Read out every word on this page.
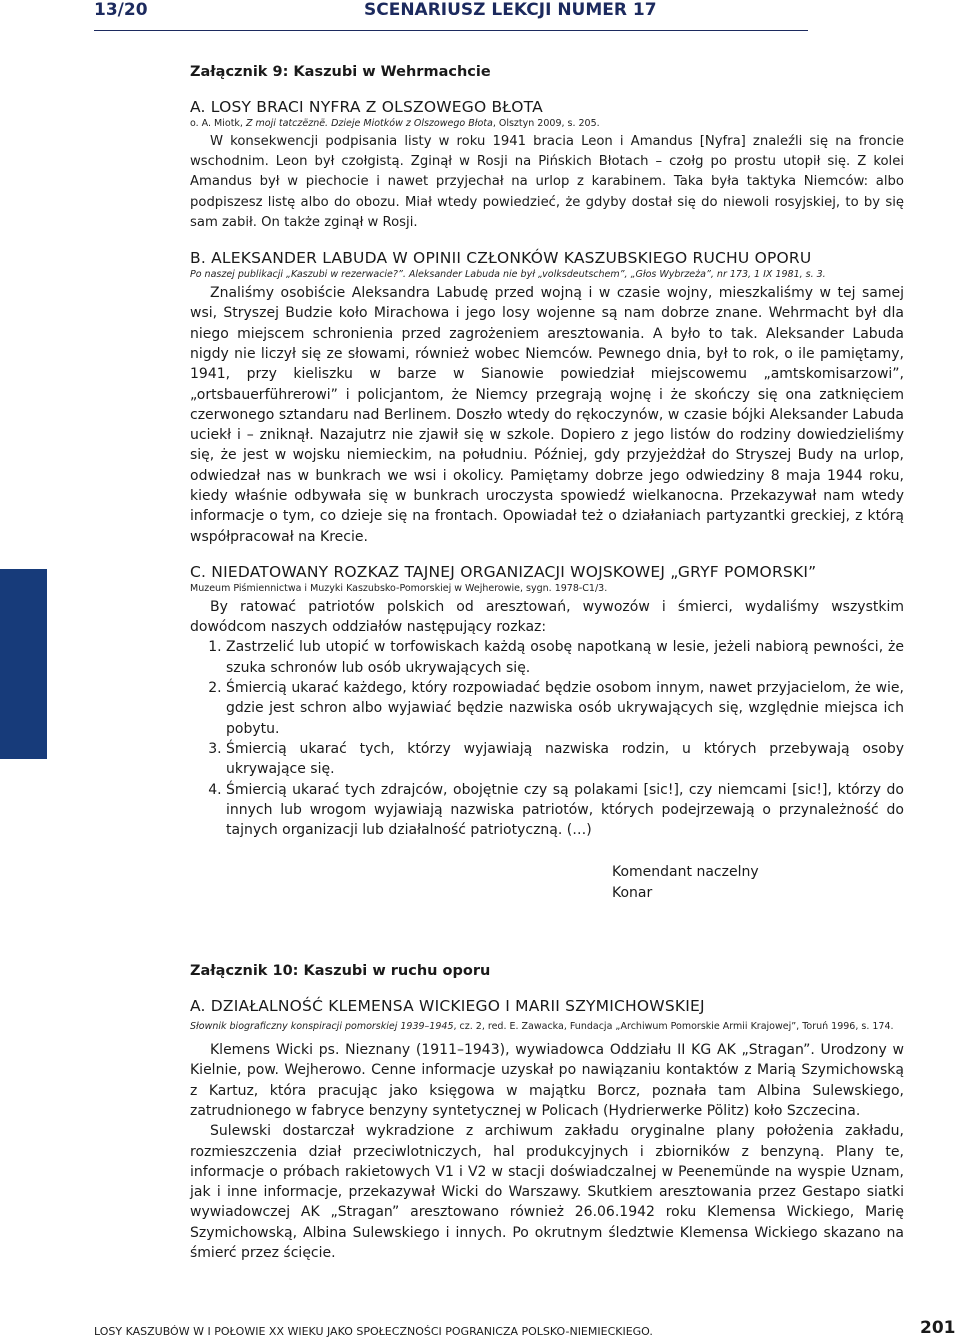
13/20	SCENARIUSZ LEKCJI NUMER 17
Załącznik 9: Kaszubi w Wehrmachcie
A. LOSY BRACI NYFRA Z OLSZOWEGO BŁOTA
o. A. Miotk, Z moji tatczëznë. Dzieje Miotków z Olszowego Błota, Olsztyn 2009, s. 205.

W konsekwencji podpisania listy w roku 1941 bracia Leon i Amandus [Nyfra] znaleźli się na froncie wschodnim. Leon był czołgistą. Zginął w Rosji na Pińskich Błotach – czołg po prostu utopił się. Z kolei Amandus był w piechocie i nawet przyjechał na urlop z karabinem. Taka była taktyka Niemców: albo podpiszesz listę albo do obozu. Miał wtedy powiedzieć, że gdyby dostał się do niewoli rosyjskiej, to by się sam zabił. On także zginął w Rosji.

B. ALEKSANDER LABUDA W OPINII CZŁONKÓW KASZUBSKIEGO RUCHU OPORU
Po naszej publikacji „Kaszubi w rezerwacie?”. Aleksander Labuda nie był „volksdeutschem”, „Głos Wybrzeża”, nr 173, 1 IX 1981, s. 3.

Znaliśmy osobiście Aleksandra Labudę przed wojną i w czasie wojny, mieszkaliśmy w tej samej wsi, Stryszej Budzie koło Mirachowa i jego losy wojenne są nam dobrze znane. Wehrmacht był dla niego miejscem schronienia przed zagrożeniem aresztowania. A było to tak. Aleksander Labuda nigdy nie liczył się ze słowami, również wobec Niemców. Pewnego dnia, był to rok, o ile pamiętamy, 1941, przy kieliszku w barze w Sianowie powiedział miejscowemu „amtskomisarzowi”, „ortsbauerführerowi” i policjantom, że Niemcy przegrają wojnę i że skończy się ona zatknięciem czerwonego sztandaru nad Berlinem. Doszło wtedy do rękoczynów, w czasie bójki Aleksander Labuda uciekł i – zniknął. Nazajutrz nie zjawił się w szkole. Dopiero z jego listów do rodziny dowiedzieliśmy się, że jest w wojsku niemieckim, na południu. Później, gdy przyjeżdżał do Stryszej Budy na urlop, odwiedzał nas w bunkrach we wsi i okolicy. Pamiętamy dobrze jego odwiedziny 8 maja 1944 roku, kiedy właśnie odbywała się w bunkrach uroczysta spowiedź wielkanocna. Przekazywał nam wtedy informacje o tym, co dzieje się na frontach. Opowiadał też o działaniach partyzantki greckiej, z którą współpracował na Krecie.

C. NIEDATOWANY ROZKAZ TAJNEJ ORGANIZACJI WOJSKOWEJ „GRYF POMORSKI”
Muzeum Piśmiennictwa i Muzyki Kaszubsko-Pomorskiej w Wejherowie, sygn. 1978-C1/3.

By ratować patriotów polskich od aresztowań, wywozów i śmierci, wydaliśmy wszystkim dowódcom naszych oddziałów następujący rozkaz:

1. Zastrzelić lub utopić w torfowiskach każdą osobę napotkaną w lesie, jeżeli nabiorą pewności, że szuka schronów lub osób ukrywających się.
2. Śmiercią ukarać każdego, który rozpowiadać będzie osobom innym, nawet przyjacielom, że wie, gdzie jest schron albo wyjawiać będzie nazwiska osób ukrywających się, względnie miejsca ich pobytu.
3. Śmiercią ukarać tych, którzy wyjawiają nazwiska rodzin, u których przebywają osoby ukrywające się.
4. Śmiercią ukarać tych zdrajców, obojętnie czy są polakami [sic!], czy niemcami [sic!], którzy do innych lub wrogom wyjawiają nazwiska patriotów, których podejrzewają o przynależność do tajnych organizacji lub działalność patriotyczną. (…)
Komendant naczelny
Konar
Załącznik 10: Kaszubi w ruchu oporu
A. DZIAŁALNOŚĆ KLEMENSA WICKIEGO I MARII SZYMICHOWSKIEJ
Słownik biograficzny konspiracji pomorskiej 1939–1945, cz. 2, red. E. Zawacka, Fundacja „Archiwum Pomorskie Armii Krajowej”, Toruń 1996, s. 174.

Klemens Wicki ps. Nieznany (1911–1943), wywiadowca Oddziału II KG AK „Stragan”. Urodzony w Kielnie, pow. Wejherowo. Cenne informacje uzyskał po nawiązaniu kontaktów z Marią Szymichowską z Kartuz, która pracując jako księgowa w majątku Borcz, poznała tam Albina Sulewskiego, zatrudnionego w fabryce benzyny syntetycznej w Policach (Hydrierwerke Pölitz) koło Szczecina.

Sulewski dostarczał wykradzione z archiwum zakładu oryginalne plany położenia zakładu, rozmieszczenia dział przeciwlotniczych, hal produkcyjnych i zbiorników z benzyną. Plany te, informacje o próbach rakietowych V1 i V2 w stacji doświadczalnej w Peenemünde na wyspie Uznam, jak i inne informacje, przekazywał Wicki do Warszawy. Skutkiem aresztowania przez Gestapo siatki wywiadowczej AK „Stragan” aresztowano również 26.06.1942 roku Klemensa Wickiego, Marię Szymichowską, Albina Sulewskiego i innych. Po okrutnym śledztwie Klemensa Wickiego skazano na śmierć przez ścięcie.

LOSY KASZUBÓW W I POŁOWIE XX WIEKU JAKO SPOŁECZNOŚCI POGRANICZA POLSKO-NIEMIECKIEGO.	201
